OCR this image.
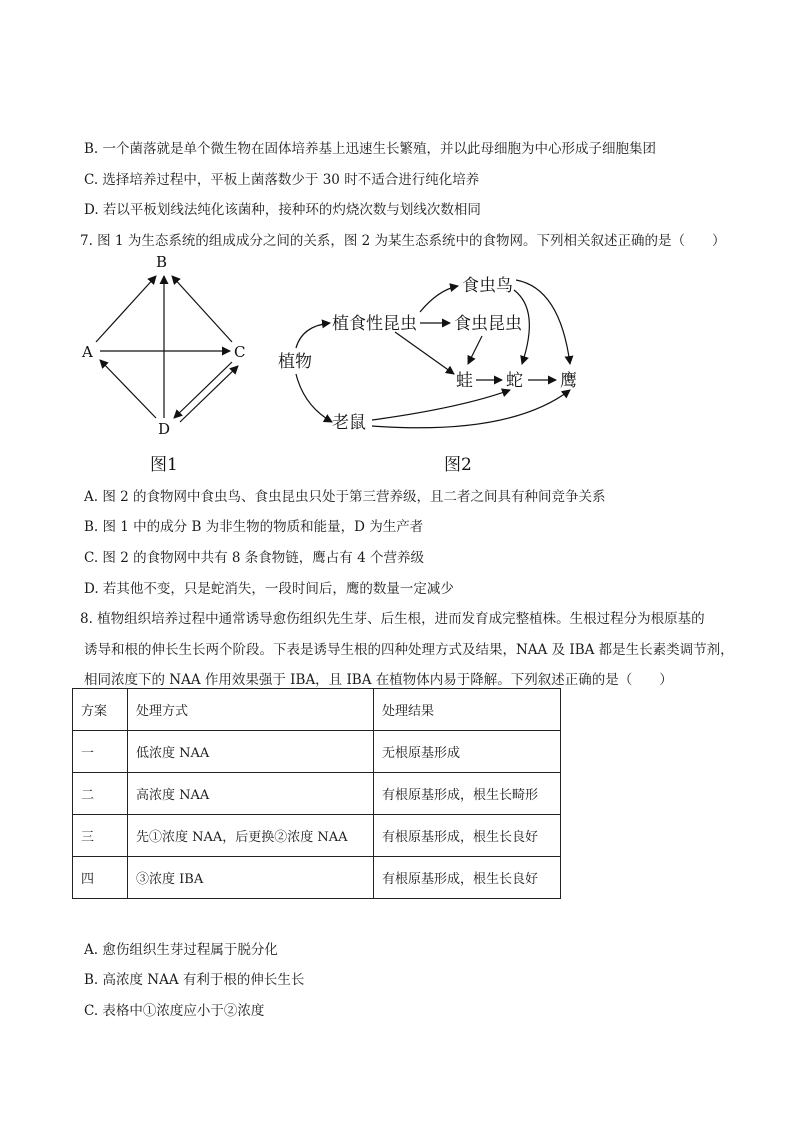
B. 一个菌落就是单个微生物在固体培养基上迅速生长繁殖，并以此母细胞为中心形成子细胞集团
C. 选择培养过程中，平板上菌落数少于 30 时不适合进行纯化培养
D. 若以平板划线法纯化该菌种，接种环的灼烧次数与划线次数相同
7. 图 1 为生态系统的组成成分之间的关系，图 2 为某生态系统中的食物网。下列相关叙述正确的是（　　）
A
B
C
D
图1
植物
植食性昆虫
食虫鸟
食虫昆虫
蛙 蛇 鹰
老鼠
图2
A. 图 2 的食物网中食虫鸟、食虫昆虫只处于第三营养级，且二者之间具有种间竞争关系
B. 图 1 中的成分 B 为非生物的物质和能量，D 为生产者
C. 图 2 的食物网中共有 8 条食物链，鹰占有 4 个营养级
D. 若其他不变，只是蛇消失，一段时间后，鹰的数量一定减少
8. 植物组织培养过程中通常诱导愈伤组织先生芽、后生根，进而发育成完整植株。生根过程分为根原基的
诱导和根的伸长生长两个阶段。下表是诱导生根的四种处理方式及结果，NAA 及 IBA 都是生长素类调节剂，
相同浓度下的 NAA 作用效果强于 IBA，且 IBA 在植物体内易于降解。下列叙述正确的是（　　）
方案	处理方式	处理结果
一	低浓度 NAA	无根原基形成
二	高浓度 NAA	有根原基形成，根生长畸形
三	先①浓度 NAA，后更换②浓度 NAA	有根原基形成，根生长良好
四	③浓度 IBA	有根原基形成，根生长良好
A. 愈伤组织生芽过程属于脱分化
B. 高浓度 NAA 有利于根的伸长生长
C. 表格中①浓度应小于②浓度
